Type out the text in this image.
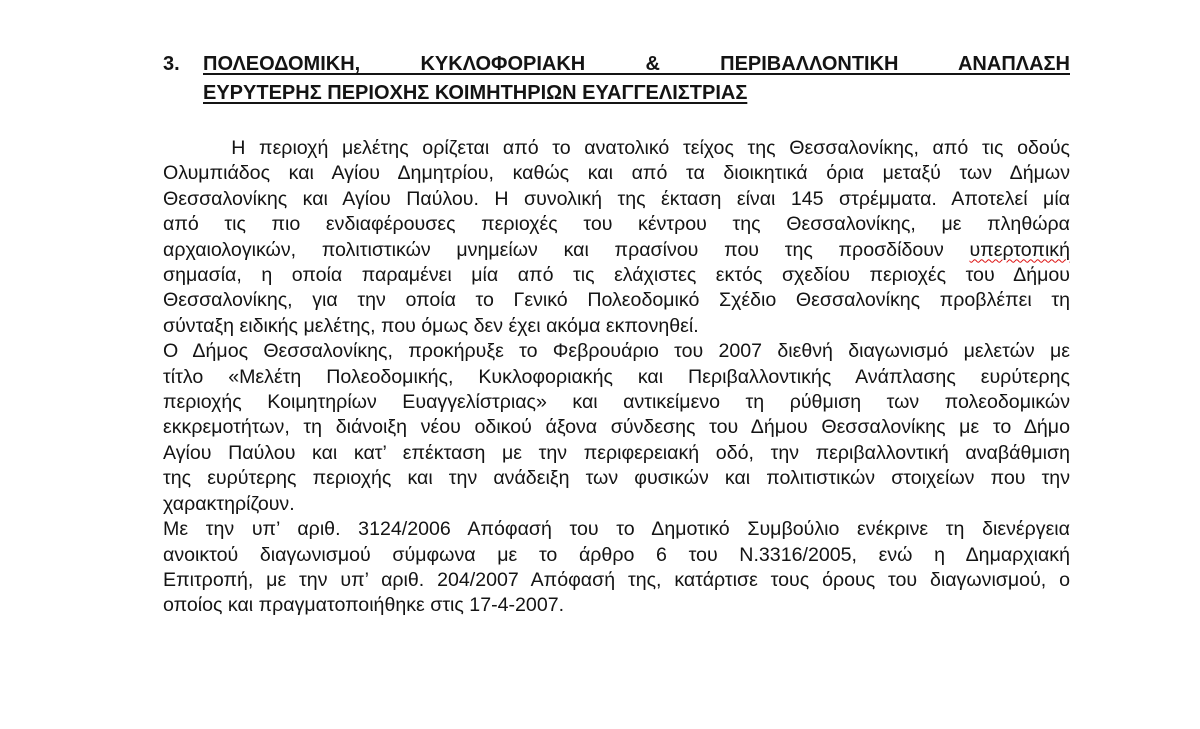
3. ΠΟΛΕΟΔΟΜΙΚΗ, ΚΥΚΛΟΦΟΡΙΑΚΗ & ΠΕΡΙΒΑΛΛΟΝΤΙΚΗ ΑΝΑΠΛΑΣΗ
ΕΥΡΥΤΕΡΗΣ ΠΕΡΙΟΧΗΣ ΚΟΙΜΗΤΗΡΙΩΝ ΕΥΑΓΓΕΛΙΣΤΡΙΑΣ
Η περιοχή μελέτης ορίζεται από το ανατολικό τείχος της Θεσσαλονίκης, από τις οδούς
Ολυμπιάδος και Αγίου Δημητρίου, καθώς και από τα διοικητικά όρια μεταξύ των Δήμων
Θεσσαλονίκης και Αγίου Παύλου. Η συνολική της έκταση είναι 145 στρέμματα. Αποτελεί μία
από τις πιο ενδιαφέρουσες περιοχές του κέντρου της Θεσσαλονίκης, με πληθώρα
αρχαιολογικών, πολιτιστικών μνημείων και πρασίνου που της προσδίδουν υπερτοπική
σημασία, η οποία παραμένει μία από τις ελάχιστες εκτός σχεδίου περιοχές του Δήμου
Θεσσαλονίκης, για την οποία το Γενικό Πολεοδομικό Σχέδιο Θεσσαλονίκης προβλέπει τη
σύνταξη ειδικής μελέτης, που όμως δεν έχει ακόμα εκπονηθεί.
Ο Δήμος Θεσσαλονίκης, προκήρυξε το Φεβρουάριο του 2007 διεθνή διαγωνισμό μελετών με
τίτλο «Μελέτη Πολεοδομικής, Κυκλοφοριακής και Περιβαλλοντικής Ανάπλασης ευρύτερης
περιοχής Κοιμητηρίων Ευαγγελίστριας» και αντικείμενο τη ρύθμιση των πολεοδομικών
εκκρεμοτήτων, τη διάνοιξη νέου οδικού άξονα σύνδεσης του Δήμου Θεσσαλονίκης με το Δήμο
Αγίου Παύλου και κατ’ επέκταση με την περιφερειακή οδό, την περιβαλλοντική αναβάθμιση
της ευρύτερης περιοχής και την ανάδειξη των φυσικών και πολιτιστικών στοιχείων που την
χαρακτηρίζουν.
Με την υπ’ αριθ. 3124/2006 Απόφασή του το Δημοτικό Συμβούλιο ενέκρινε τη διενέργεια
ανοικτού διαγωνισμού σύμφωνα με το άρθρο 6 του Ν.3316/2005, ενώ η Δημαρχιακή
Επιτροπή, με την υπ’ αριθ. 204/2007 Απόφασή της, κατάρτισε τους όρους του διαγωνισμού, ο
οποίος και πραγματοποιήθηκε στις 17-4-2007.
